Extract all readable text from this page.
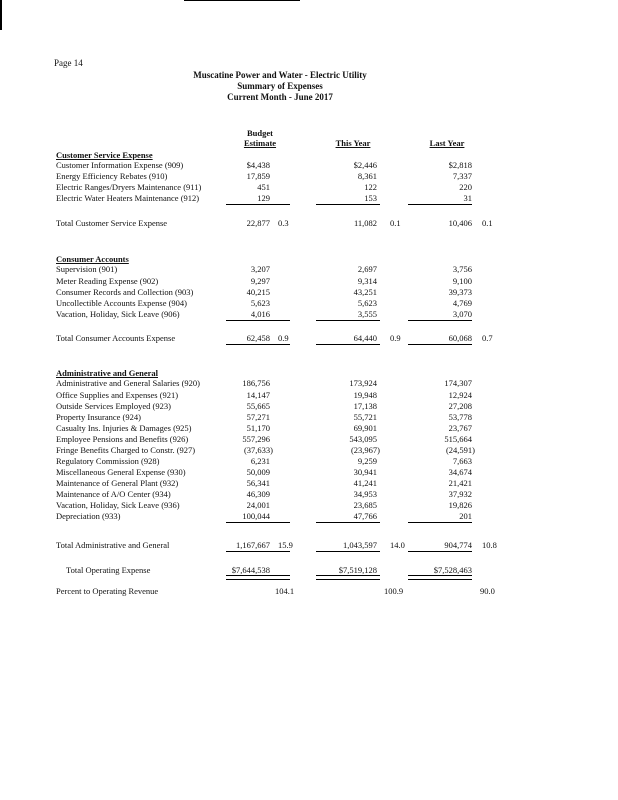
Page 14
Muscatine Power and Water - Electric Utility
Summary of Expenses
Current Month - June 2017
Budget
Estimate	This Year	Last Year
Customer Service Expense
Customer Information Expense (909)	$4,438	$2,446	$2,818
Energy Efficiency Rebates (910)	17,859	8,361	7,337
Electric Ranges/Dryers Maintenance (911)	451	122	220
Electric Water Heaters Maintenance (912)	129	153	31
Total Customer Service Expense	22,877 0.3	11,082 0.1	10,406 0.1
Consumer Accounts
Supervision (901)	3,207	2,697	3,756
Meter Reading Expense (902)	9,297	9,314	9,100
Consumer Records and Collection (903)	40,215	43,251	39,373
Uncollectible Accounts Expense (904)	5,623	5,623	4,769
Vacation, Holiday, Sick Leave (906)	4,016	3,555	3,070
Total Consumer Accounts Expense	62,458 0.9	64,440 0.9	60,068 0.7
Administrative and General
Administrative and General Salaries (920)	186,756	173,924	174,307
Office Supplies and Expenses (921)	14,147	19,948	12,924
Outside Services Employed (923)	55,665	17,138	27,208
Property Insurance (924)	57,271	55,721	53,778
Casualty Ins. Injuries & Damages (925)	51,170	69,901	23,767
Employee Pensions and Benefits (926)	557,296	543,095	515,664
Fringe Benefits Charged to Constr. (927)	(37,633)	(23,967)	(24,591)
Regulatory Commission (928)	6,231	9,259	7,663
Miscellaneous General Expense (930)	50,009	30,941	34,674
Maintenance of General Plant (932)	56,341	41,241	21,421
Maintenance of A/O Center (934)	46,309	34,953	37,932
Vacation, Holiday, Sick Leave (936)	24,001	23,685	19,826
Depreciation (933)	100,044	47,766	201
Total Administrative and General	1,167,667 15.9	1,043,597 14.0	904,774 10.8
Total Operating Expense	$7,644,538	$7,519,128	$7,528,463
Percent to Operating Revenue	104.1	100.9	90.0
